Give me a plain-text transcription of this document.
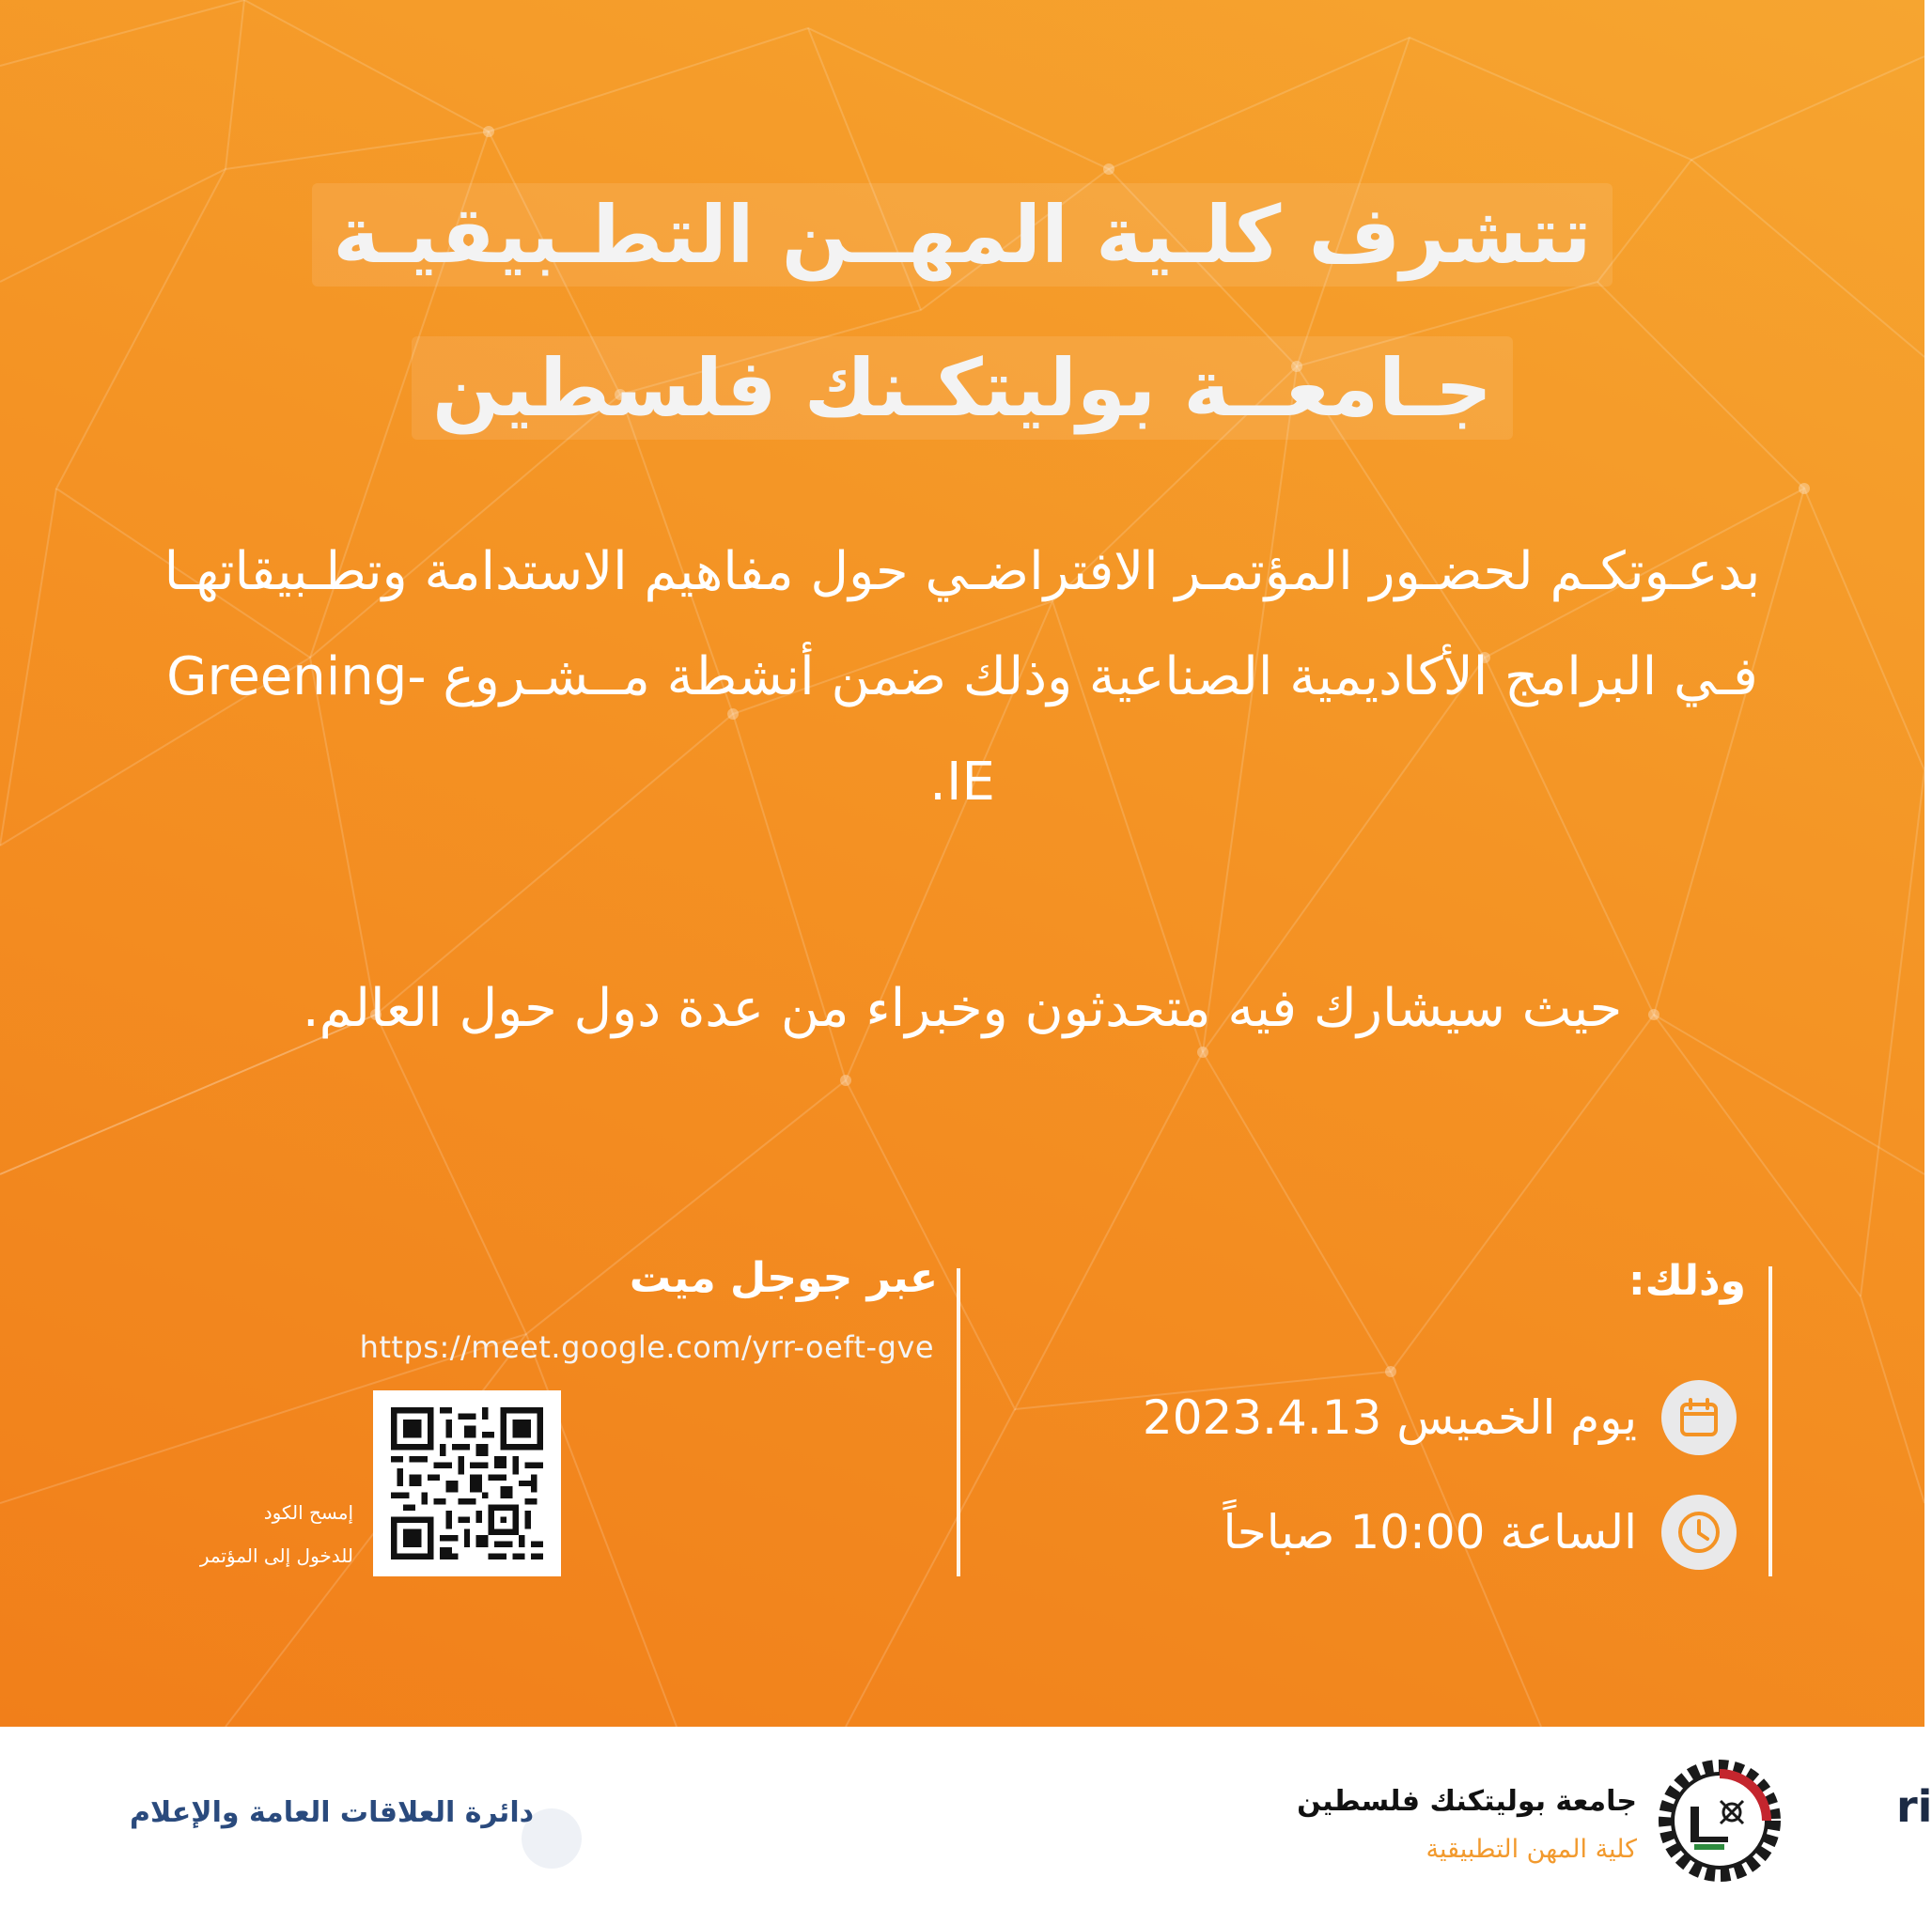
تتشرف كلـية المهــن التطـبيقيـة
جـامعــة بوليتكـنك فلسطين
بدعـوتكـم لحضـور المؤتمـر الافتراضـي حول مفاهيم الاستدامة وتطـبيقاتهـا فـي البرامج الأكاديمية الصناعية وذلك ضمن أنشطة مــشـروع Greening-IE.
حيث سيشارك فيه متحدثون وخبراء من عدة دول حول العالم.
وذلك:
يوم الخميس 2023.4.13
الساعة 10:00 صباحاً
عبر جوجل ميت
https://meet.google.com/yrr-oeft-gve
إمسح الكود
للدخول إلى المؤتمر
دائرة العلاقات العامة والإعلام	جامعة بوليتكنك فلسطين
كلية المهن التطبيقية
ri
